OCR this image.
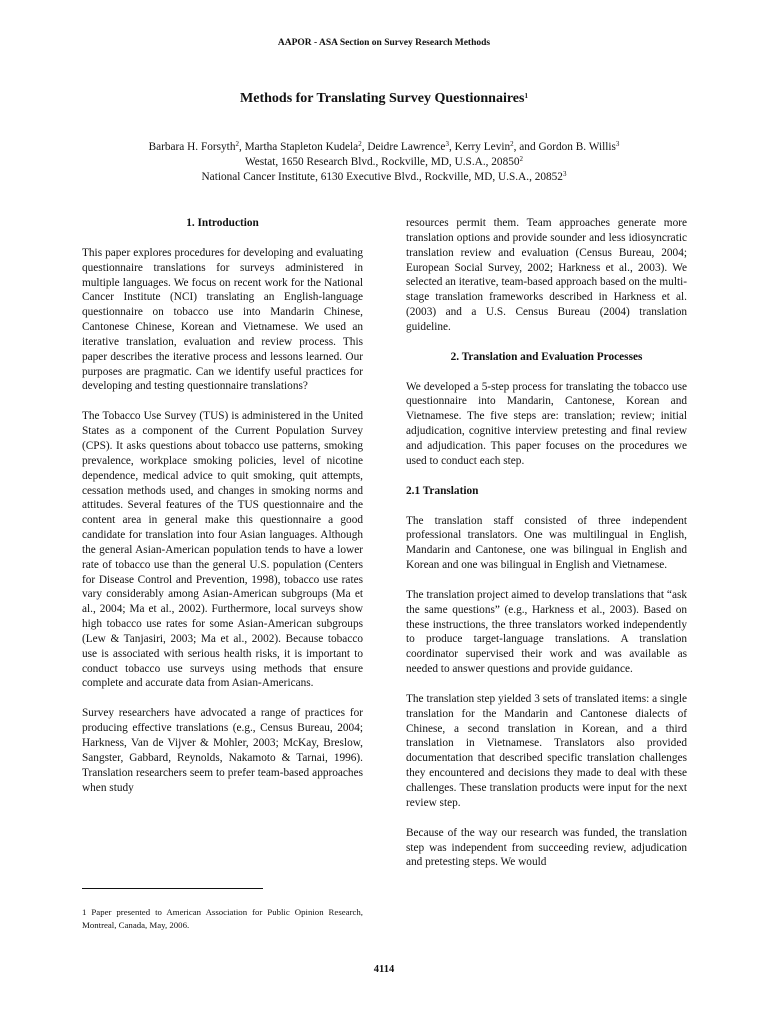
AAPOR - ASA Section on Survey Research Methods
Methods for Translating Survey Questionnaires$^1$
Barbara H. Forsyth$^2$, Martha Stapleton Kudela$^2$, Deidre Lawrence$^3$, Kerry Levin$^2$, and Gordon B. Willis$^3$
Westat, 1650 Research Blvd., Rockville, MD, U.S.A., 20850$^2$
National Cancer Institute, 6130 Executive Blvd., Rockville, MD, U.S.A., 20852$^3$
1. Introduction

This paper explores procedures for developing and evaluating questionnaire translations for surveys administered in multiple languages. We focus on recent work for the National Cancer Institute (NCI) translating an English-language questionnaire on tobacco use into Mandarin Chinese, Cantonese Chinese, Korean and Vietnamese. We used an iterative translation, evaluation and review process. This paper describes the iterative process and lessons learned. Our purposes are pragmatic. Can we identify useful practices for developing and testing questionnaire translations?

The Tobacco Use Survey (TUS) is administered in the United States as a component of the Current Population Survey (CPS). It asks questions about tobacco use patterns, smoking prevalence, workplace smoking policies, level of nicotine dependence, medical advice to quit smoking, quit attempts, cessation methods used, and changes in smoking norms and attitudes. Several features of the TUS questionnaire and the content area in general make this questionnaire a good candidate for translation into four Asian languages. Although the general Asian-American population tends to have a lower rate of tobacco use than the general U.S. population (Centers for Disease Control and Prevention, 1998), tobacco use rates vary considerably among Asian-American subgroups (Ma et al., 2004; Ma et al., 2002). Furthermore, local surveys show high tobacco use rates for some Asian-American subgroups (Lew & Tanjasiri, 2003; Ma et al., 2002). Because tobacco use is associated with serious health risks, it is important to conduct tobacco use surveys using methods that ensure complete and accurate data from Asian-Americans.

Survey researchers have advocated a range of practices for producing effective translations (e.g., Census Bureau, 2004; Harkness, Van de Vijver & Mohler, 2003; McKay, Breslow, Sangster, Gabbard, Reynolds, Nakamoto & Tarnai, 1996). Translation researchers seem to prefer team-based approaches when study

resources permit them. Team approaches generate more translation options and provide sounder and less idiosyncratic translation review and evaluation (Census Bureau, 2004; European Social Survey, 2002; Harkness et al., 2003). We selected an iterative, team-based approach based on the multi-stage translation frameworks described in Harkness et al. (2003) and a U.S. Census Bureau (2004) translation guideline.

2. Translation and Evaluation Processes

We developed a 5-step process for translating the tobacco use questionnaire into Mandarin, Cantonese, Korean and Vietnamese. The five steps are: translation; review; initial adjudication, cognitive interview pretesting and final review and adjudication. This paper focuses on the procedures we used to conduct each step.

2.1 Translation

The translation staff consisted of three independent professional translators. One was multilingual in English, Mandarin and Cantonese, one was bilingual in English and Korean and one was bilingual in English and Vietnamese.

The translation project aimed to develop translations that “ask the same questions” (e.g., Harkness et al., 2003). Based on these instructions, the three translators worked independently to produce target-language translations. A translation coordinator supervised their work and was available as needed to answer questions and provide guidance.

The translation step yielded 3 sets of translated items: a single translation for the Mandarin and Cantonese dialects of Chinese, a second translation in Korean, and a third translation in Vietnamese. Translators also provided documentation that described specific translation challenges they encountered and decisions they made to deal with these challenges. These translation products were input for the next review step.

Because of the way our research was funded, the translation step was independent from succeeding review, adjudication and pretesting steps. We would

1 Paper presented to American Association for Public Opinion Research, Montreal, Canada, May, 2006.
4114
